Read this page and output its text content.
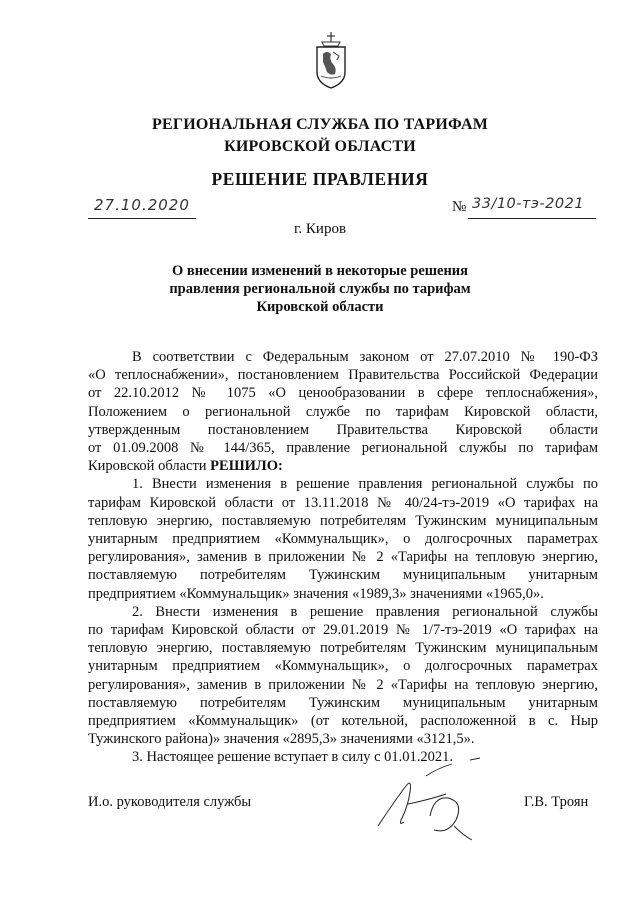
РЕГИОНАЛЬНАЯ СЛУЖБА ПО ТАРИФАМ
КИРОВСКОЙ ОБЛАСТИ
РЕШЕНИЕ ПРАВЛЕНИЯ
27.10.2020	№ 33/10-тэ-2021
г. Киров
О внесении изменений в некоторые решения
правления региональной службы по тарифам
Кировской области

В соответствии с Федеральным законом от 27.07.2010 № 190-ФЗ

«О теплоснабжении», постановлением Правительства Российской Федерации

от 22.10.2012 № 1075 «О ценообразовании в сфере теплоснабжения»,

Положением о региональной службе по тарифам Кировской области,

утвержденным постановлением Правительства Кировской области

от 01.09.2008 № 144/365, правление региональной службы по тарифам

Кировской области РЕШИЛО:

1. Внести изменения в решение правления региональной службы по

тарифам Кировской области от 13.11.2018 № 40/24-тэ-2019 «О тарифах на

тепловую энергию, поставляемую потребителям Тужинским муниципальным

унитарным предприятием «Коммунальщик», о долгосрочных параметрах

регулирования», заменив в приложении № 2 «Тарифы на тепловую энергию,

поставляемую потребителям Тужинским муниципальным унитарным

предприятием «Коммунальщик» значения «1989,3» значениями «1965,0».

2. Внести изменения в решение правления региональной службы

по тарифам Кировской области от 29.01.2019 № 1/7-тэ-2019 «О тарифах на

тепловую энергию, поставляемую потребителям Тужинским муниципальным

унитарным предприятием «Коммунальщик», о долгосрочных параметрах

регулирования», заменив в приложении № 2 «Тарифы на тепловую энергию,

поставляемую потребителям Тужинским муниципальным унитарным

предприятием «Коммунальщик» (от котельной, расположенной в с. Ныр

Тужинского района)» значения «2895,3» значениями «3121,5».

3. Настоящее решение вступает в силу с 01.01.2021.

И.о. руководителя службы	Г.В. Троян
